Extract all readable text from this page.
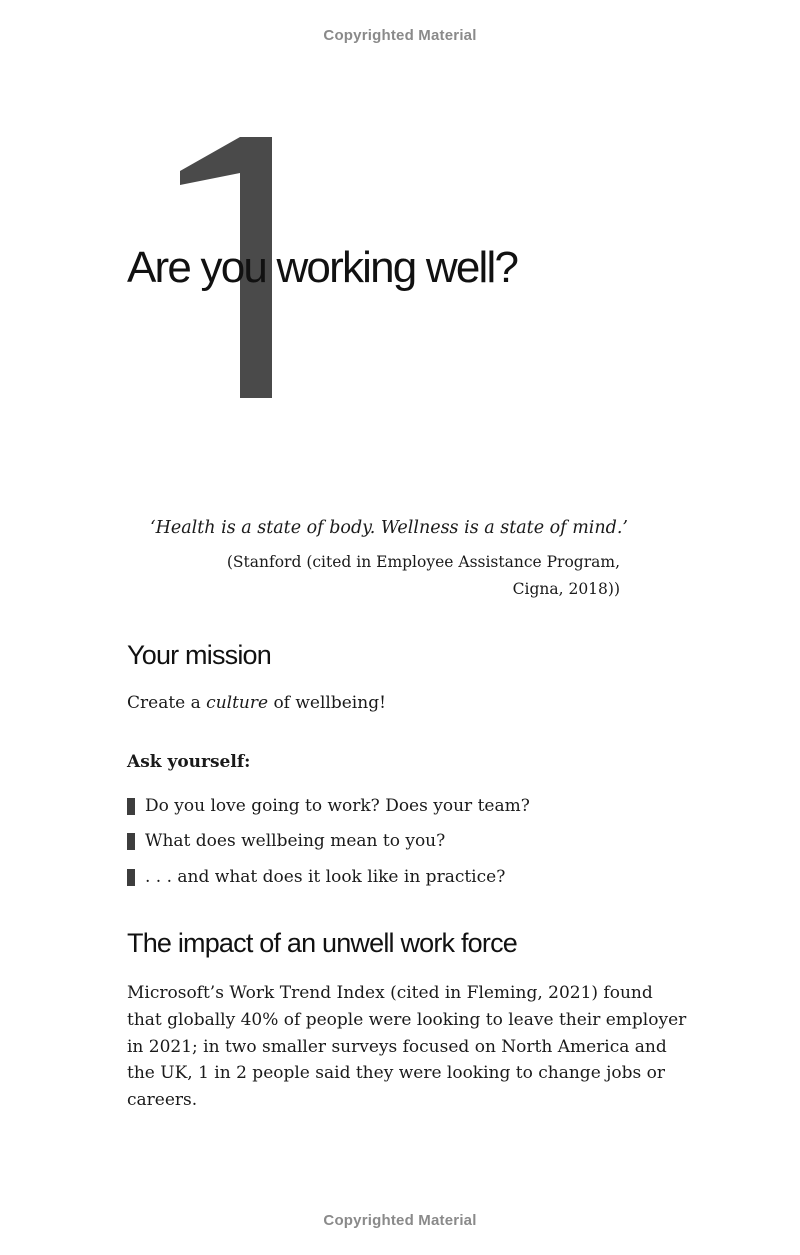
Copyrighted Material
Are you working well?
‘Health is a state of body. Wellness is a state of mind.’
(Stanford (cited in Employee Assistance Program,
Cigna, 2018))
Your mission
Create a culture of wellbeing!
Ask yourself:
Do you love going to work? Does your team?
What does wellbeing mean to you?
. . . and what does it look like in practice?
The impact of an unwell work force
Microsoft’s Work Trend Index (cited in Fleming, 2021) found
that globally 40% of people were looking to leave their employer
in 2021; in two smaller surveys focused on North America and
the UK, 1 in 2 people said they were looking to change jobs or
careers.
Copyrighted Material
